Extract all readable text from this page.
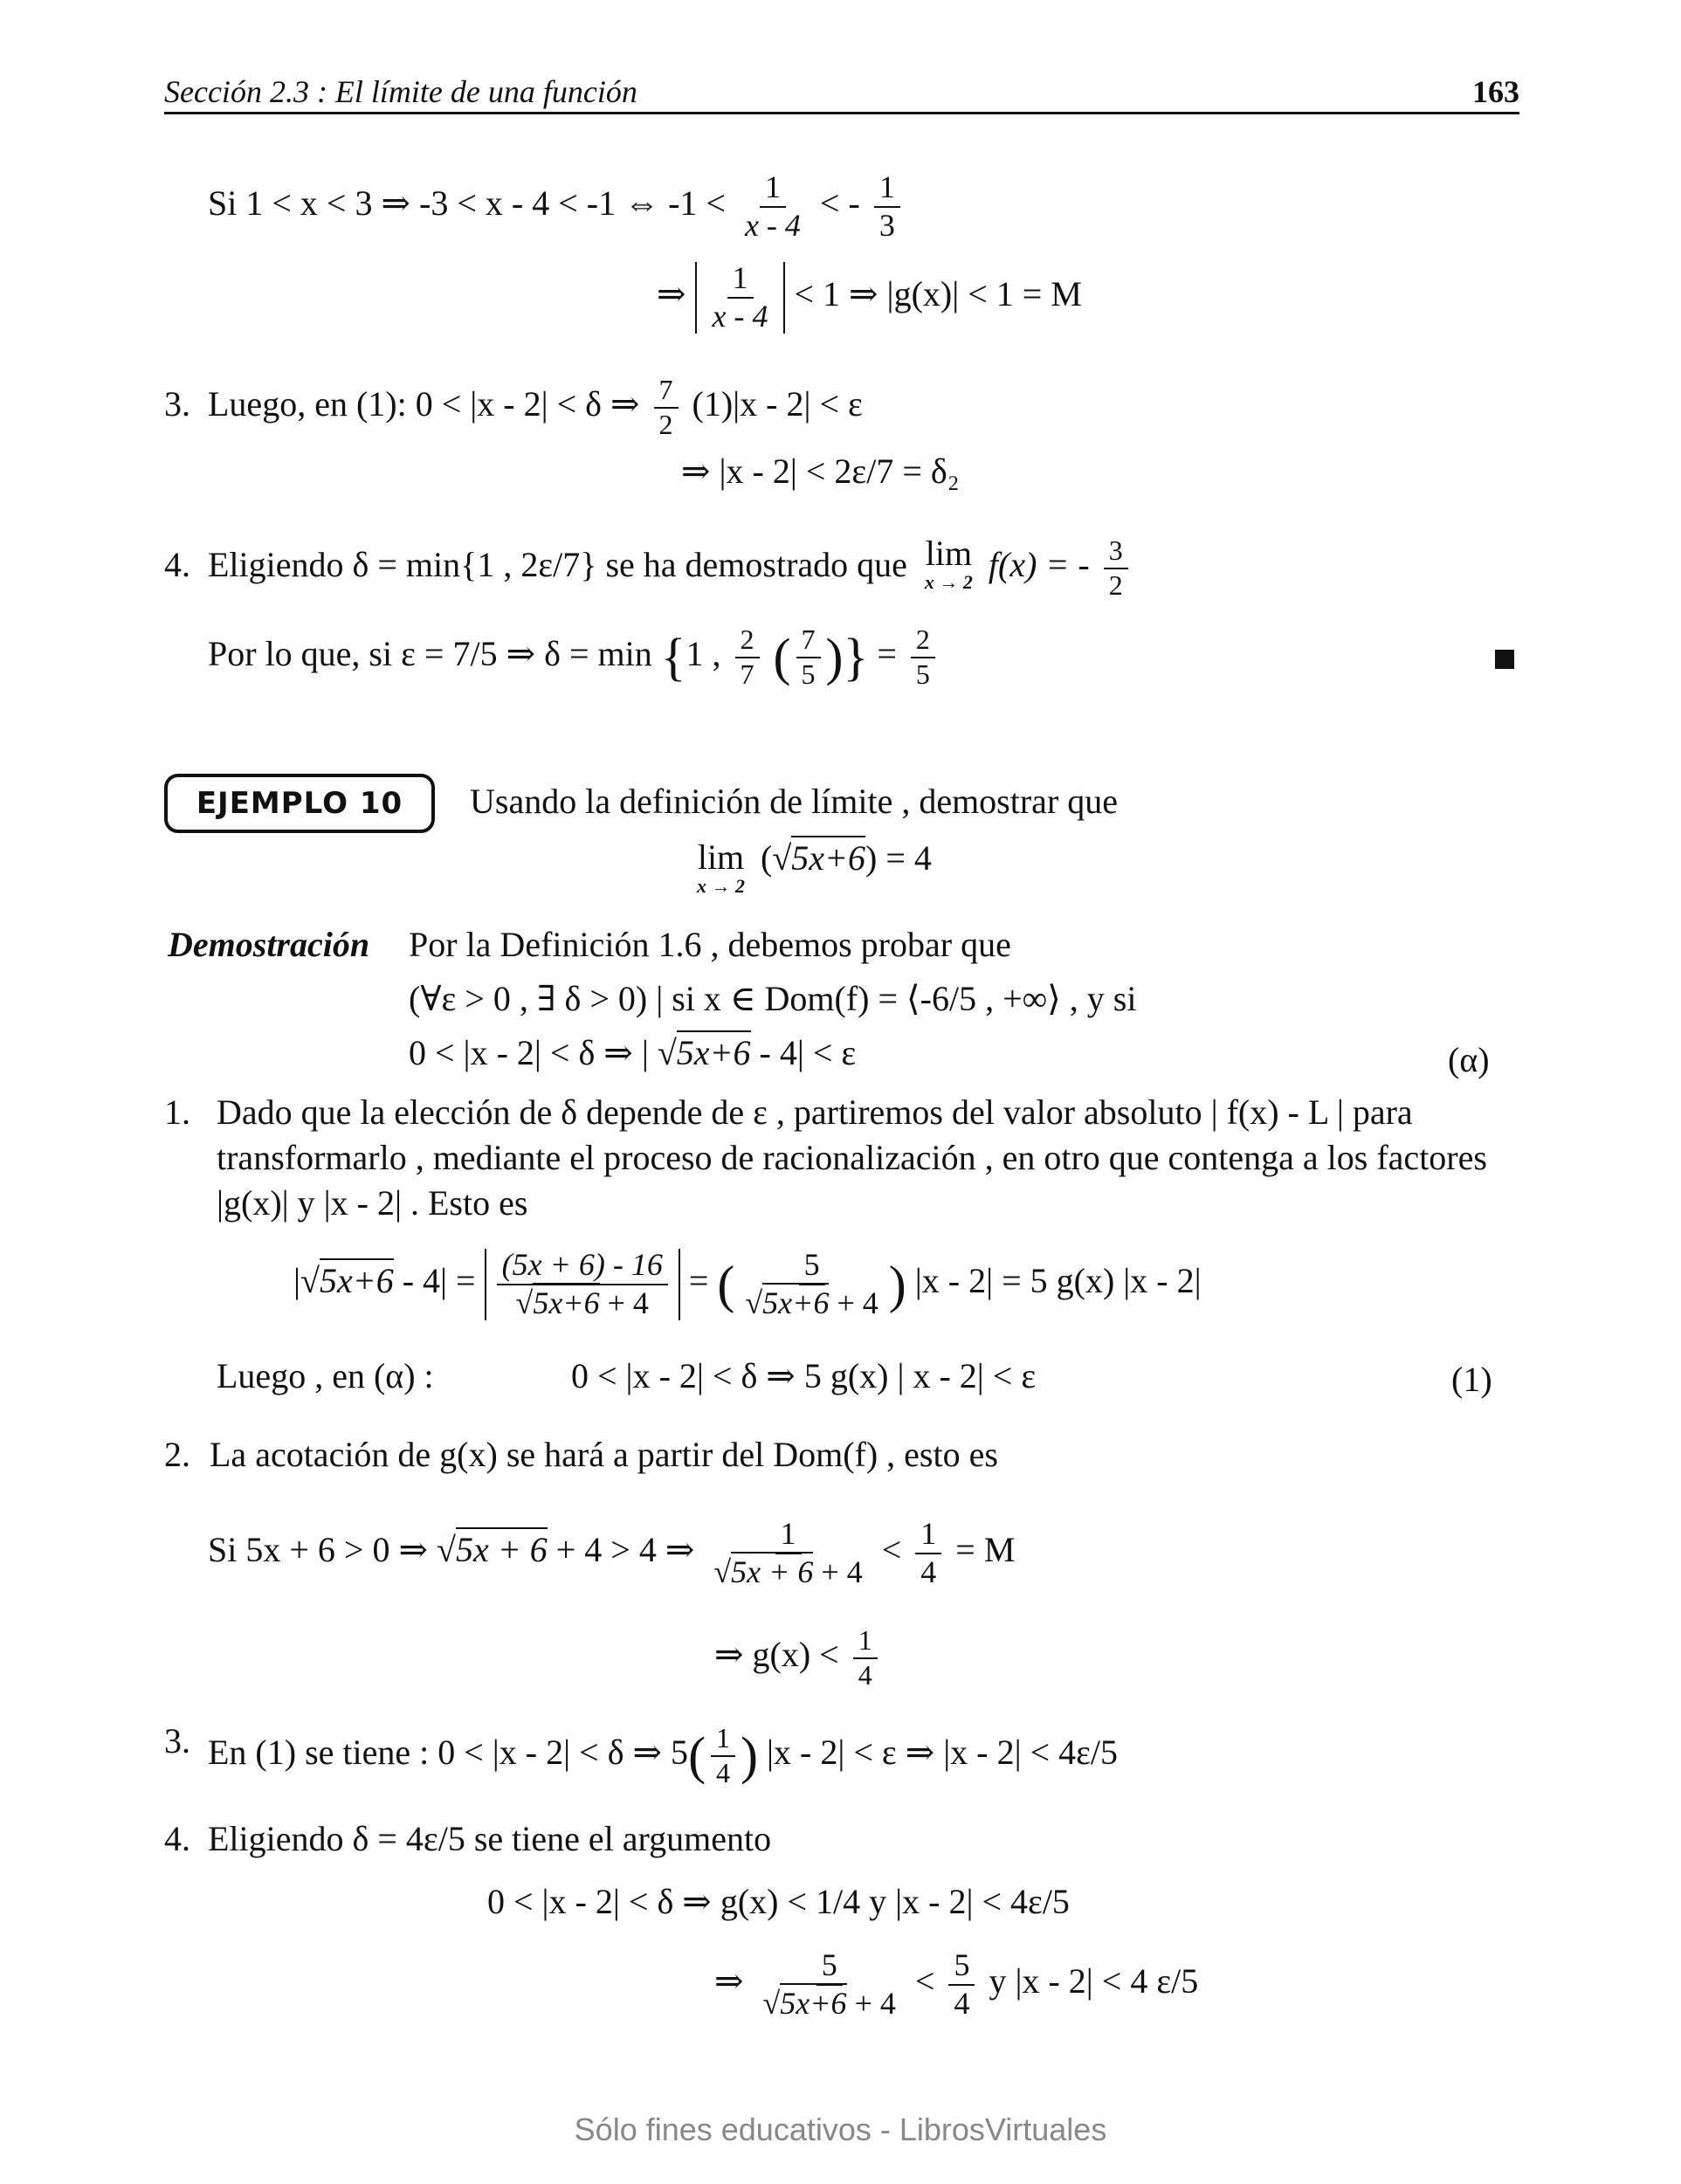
Sección 2.3 : El límite de una función	163
Si 1 < x < 3 ⇒ -3 < x - 4 < -1 ⇔ $-1 < \frac{1}{x - 4}$ < - $\frac{1}{3}$
⇒ $\frac{1}{x - 4} < 1$ ⇒ |g(x)| < 1 = M
3. Luego, en (1): 0 < |x - 2| < δ ⇒ $\frac{7}{2} (1)|x - 2| < \varepsilon$
⇒ |x - 2| < 2ε/7 = δ₂
4. Eligiendo δ = min{1 , 2ε/7} se ha demostrado que lim
x → 2 f(x) = - $\frac{3}{2}$
Por lo que, si ε = 7/5 ⇒ δ = min {1 , $\frac{2}{7}$ ( $\frac{7}{5}$ )} = $\frac{2}{5}$
EJEMPLO 10	Usando la definición de límite , demostrar que
lim
x → 2
(√5x+6) = 4
Demostración Por la Definición 1.6 , debemos probar que
(∀ε > 0 , ∃ δ > 0) | si x ∈ Dom(f) = ⟨-6/5 , +∞⟩ , y si
0 < |x - 2| < δ ⇒ | √5x+6 - 4| < ε	(α)
1. Dado que la elección de δ depende de ε , partiremos del valor absoluto | f(x) - L | para
transformarlo , mediante el proceso de racionalización , en otro que contenga a los factores
|g(x)| y |x - 2| . Esto es
$|√5x+6 - 4| = \frac{(5x + 6) - 16}{√5x+6 + 4}$ = ( $\frac{5}{√5x+6 + 4}$ ) |x - 2| = 5 g(x) |x - 2|
Luego , en (α) :	0 < |x - 2| < δ ⇒ 5 g(x) | x - 2| < ε	(1)
2. La acotación de g(x) se hará a partir del Dom(f) , esto es
Si 5x + 6 > 0 ⇒ √5x + 6 + 4 > 4 ⇒ $\frac{1}{√5x + 6 + 4} < \frac{1}{4} = M$
⇒ $g(x) < \frac{1}{4}$
3. En (1) se tiene : 0 < |x - 2| < δ ⇒ $5( \frac{1}{4}$ ) |x - 2| < ε ⇒ |x - 2| < 4ε/5
4. Eligiendo δ = 4ε/5 se tiene el argumento
0 < |x - 2| < δ ⇒ g(x) < 1/4 y |x - 2| < 4ε/5
⇒ $\frac{5}{√5x+6 + 4} < \frac{5}{4}$ y |x - 2| < 4 ε/5
Sólo fines educativos - LibrosVirtuales
